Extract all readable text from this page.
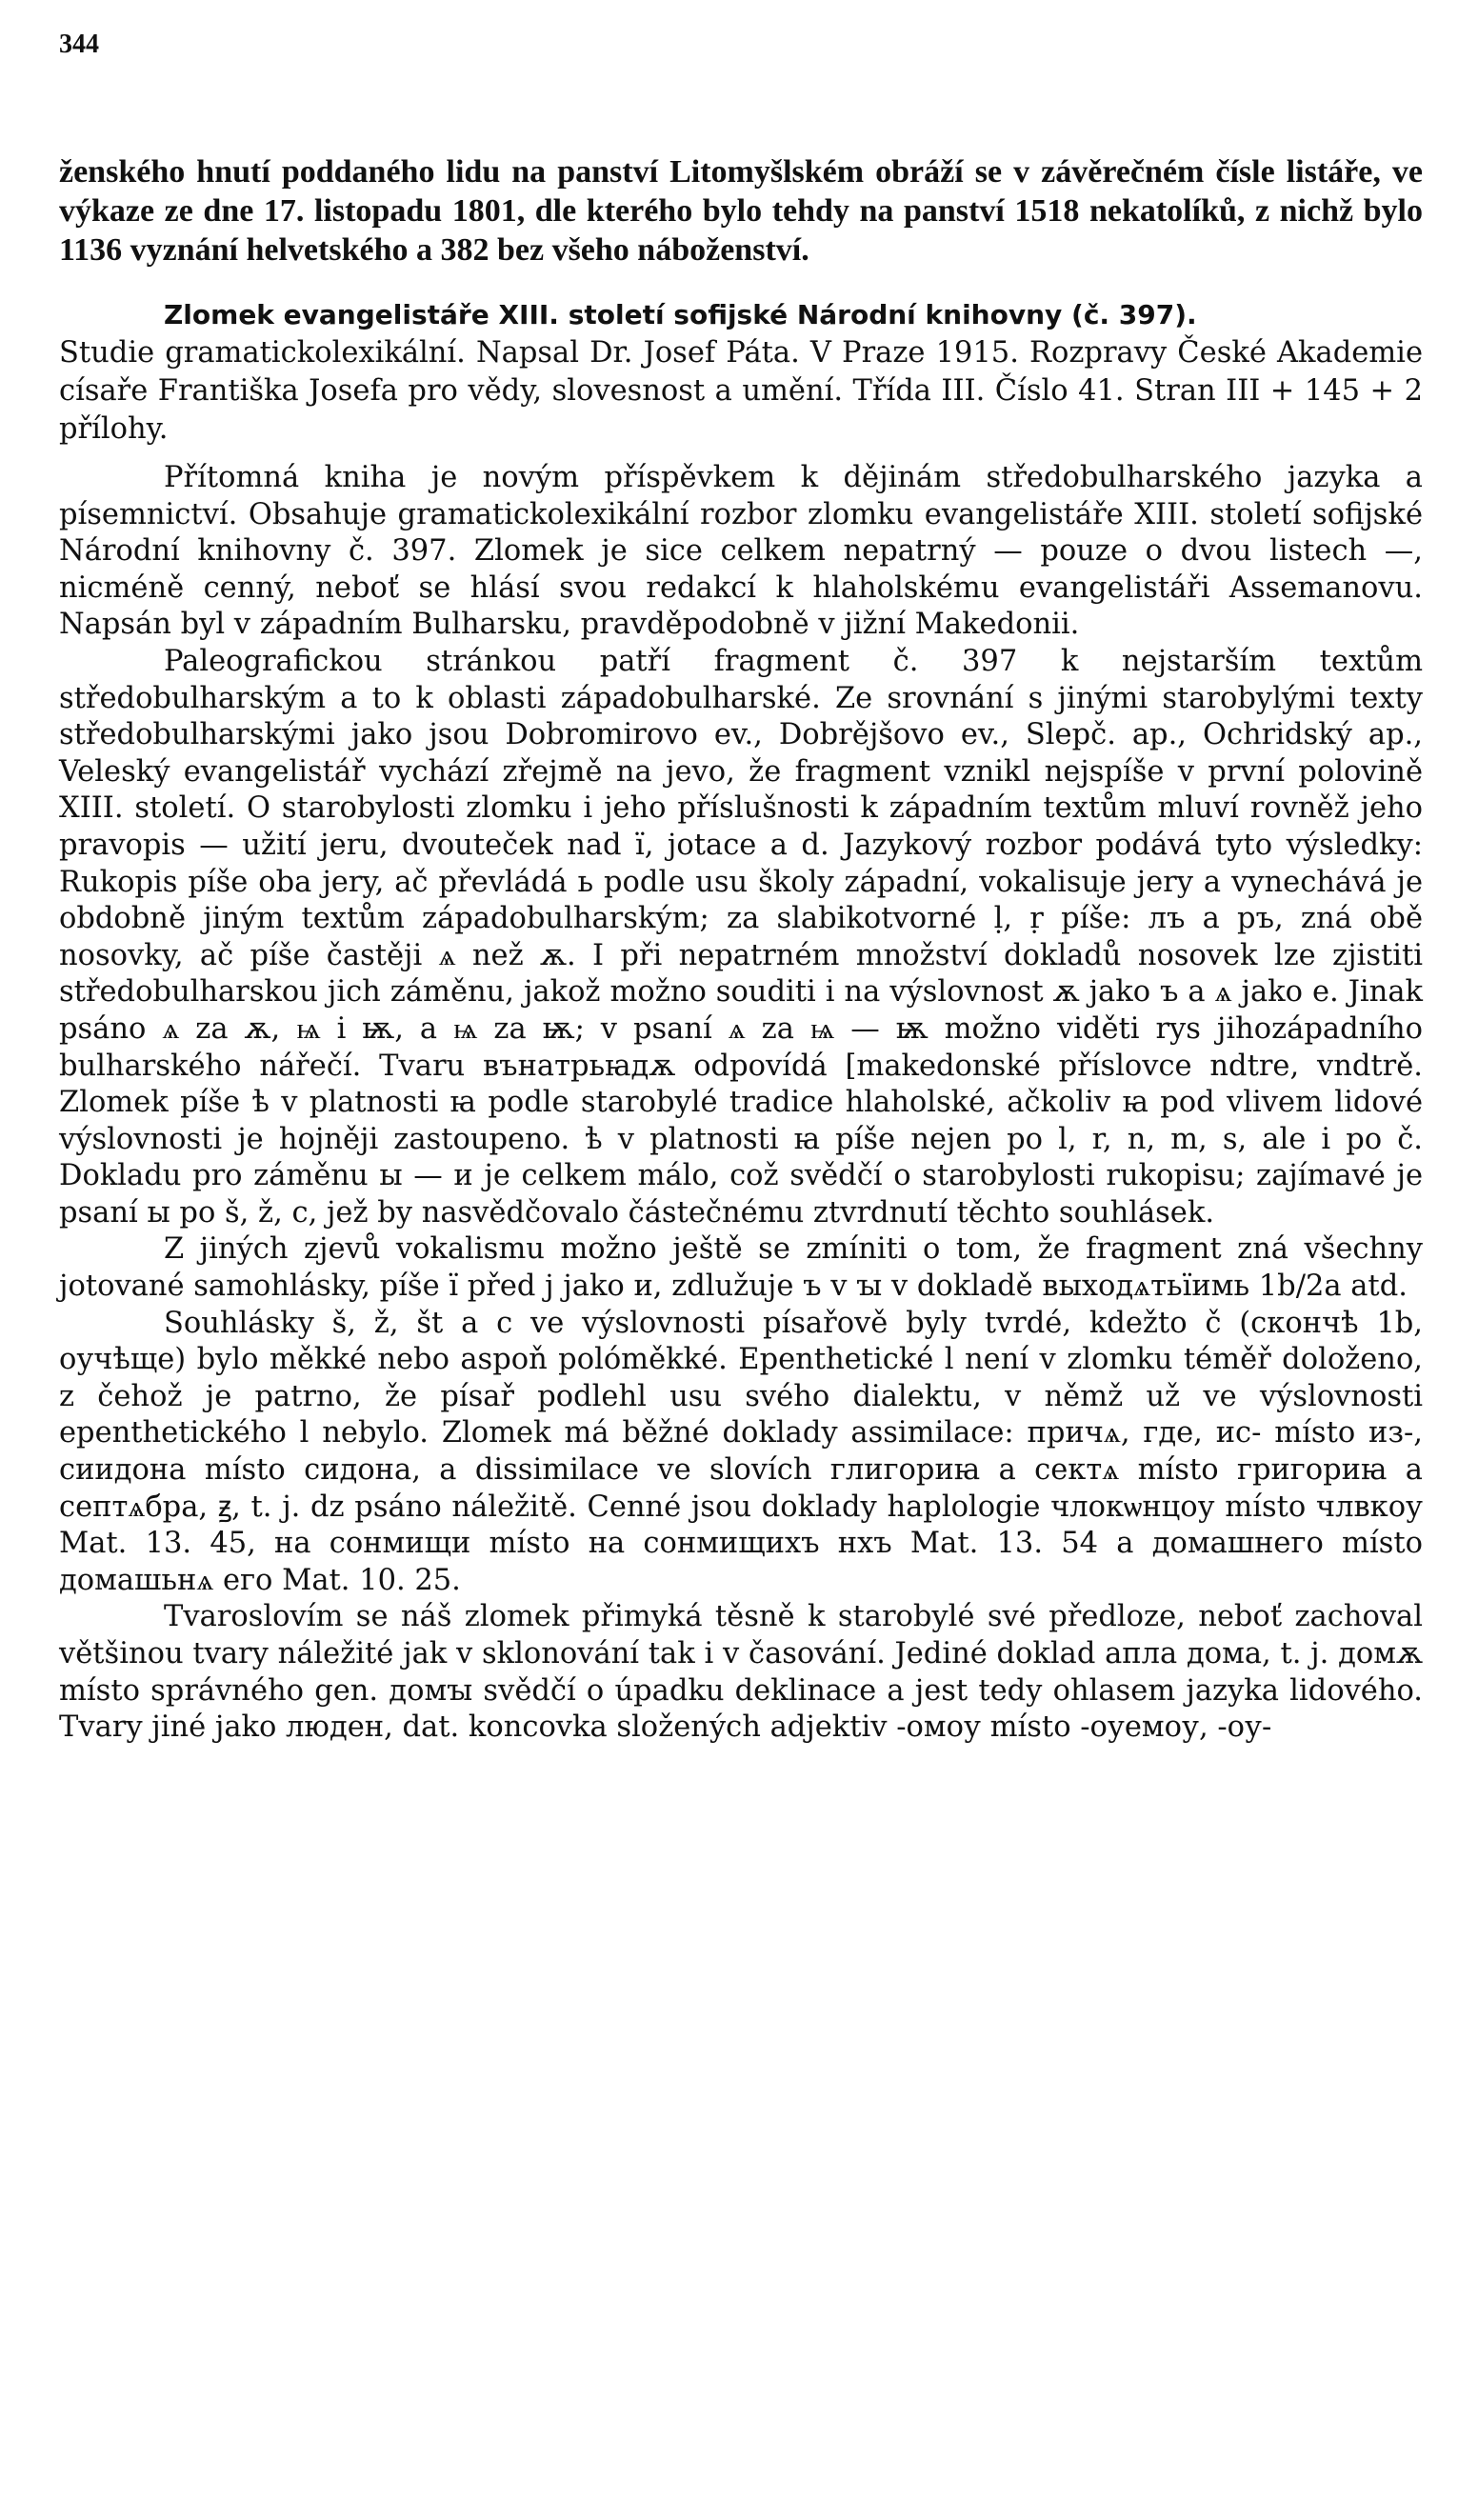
344

ženského hnutí poddaného lidu na panství Litomyšlském obráží se v závěrečném čísle listáře, ve výkaze ze dne 17. listopadu 1801, dle kterého bylo tehdy na panství 1518 nekatolíků, z nichž bylo 1136 vyznání helvetského a 382 bez všeho náboženství.

Zlomek evangelistáře XIII. století sofijské Národní knihovny (č. 397).

Studie gramatickolexikální. Napsal Dr. Josef Páta. V Praze 1915. Rozpravy České Akademie císaře Františka Josefa pro vědy, slovesnost a umění. Třída III. Číslo 41. Stran III + 145 + 2 přílohy.

Přítomná kniha je novým příspěvkem k dějinám středobulharského jazyka a písemnictví. Obsahuje gramatickolexikální rozbor zlomku evangelistáře XIII. století sofijské Národní knihovny č. 397. Zlomek je sice celkem nepatrný — pouze o dvou listech —, nicméně cenný, neboť se hlásí svou redakcí k hlaholskému evangelistáři Assemanovu. Napsán byl v západním Bulharsku, pravděpodobně v jižní Makedonii.

Paleografickou stránkou patří fragment č. 397 k nejstarším textům středobulharským a to k oblasti západobulharské. Ze srovnání s jinými starobylými texty středobulharskými jako jsou Dobromirovo ev., Dobrějšovo ev., Slepč. ap., Ochridský ap., Veleský evangelistář vychází zřejmě na jevo, že fragment vznikl nejspíše v první polovině XIII. století. O starobylosti zlomku i jeho příslušnosti k západním textům mluví rovněž jeho pravopis — užití jeru, dvouteček nad ï, jotace a d. Jazykový rozbor podává tyto výsledky: Rukopis píše oba jery, ač převládá ь podle usu školy západní, vokalisuje jery a vynechává je obdobně jiným textům západobulharským; za slabikotvorné ḷ, ṛ píše: лъ a ръ, zná obě nosovky, ač píše častěji ѧ než ѫ. I při nepatrném množství dokladů nosovek lze zjistiti středobulharskou jich záměnu, jakož možno souditi i na výslovnost ѫ jako ъ a ѧ jako е. Jinak psáno ѧ za ѫ, ѩ i ѭ, a ѩ za ѭ; v psaní ѧ za ѩ — ѭ možno viděti rys jihozápadního bulharského nářečí. Tvaru вънатрьꙗдѫ odpovídá [makedonské příslovce ndtre, vndtrě. Zlomek píše ѣ v platnosti ꙗ podle starobylé tradice hlaholské, ačkoliv ꙗ pod vlivem lidové výslovnosti je hojněji zastoupeno. ѣ v platnosti ꙗ píše nejen po l, r, n, m, s, ale i po č. Dokladu pro záměnu ы — и je celkem málo, což svědčí o starobylosti rukopisu; zajímavé je psaní ы po š, ž, c, jež by nasvědčovalo částečnému ztvrdnutí těchto souhlásek.

Z jiných zjevů vokalismu možno ještě se zmíniti o tom, že fragment zná všechny jotované samohlásky, píše ї před j jako и, zdlužuje ъ v ꙑ v dokladě выходѧтьїимь 1b/2a atd.

Souhlásky š, ž, št a c ve výslovnosti písařově byly tvrdé, kdežto č (скончѣ 1b, оучѣще) bylo měkké nebo aspoň polóměkké. Epenthetické l není v zlomku téměř doloženo, z čehož je patrno, že písař podlehl usu svého dialektu, v němž už ve výslovnosti epenthetického l nebylo. Zlomek má běžné doklady assimilace: причѧ, где, ис- místo из-, сиидона místo сидона, a dissimilace ve slovích глигориꙗ a сектѧ místo григориꙗ a септѧбра, ꙃ, t. j. dz psáno náležitě. Cenné jsou doklady haplologie члокѡнцоу místo члвкоу Mat. 13. 45, на сонмищи místo на сонмищихъ нхъ Mat. 13. 54 a домашнего místo домашьнѧ его Mat. 10. 25.

Tvaroslovím se náš zlomek přimyká těsně k starobylé své předloze, neboť zachoval většinou tvary náležité jak v sklonování tak i v časování. Jediné doklad апла дома, t. j. домѫ místo správného gen. домꙑ svědčí o úpadku deklinace a jest tedy ohlasem jazyka lidového. Tvary jiné jako люден, dat. koncovka složených adjektiv -омоу místo -оуемоу, -оу-
